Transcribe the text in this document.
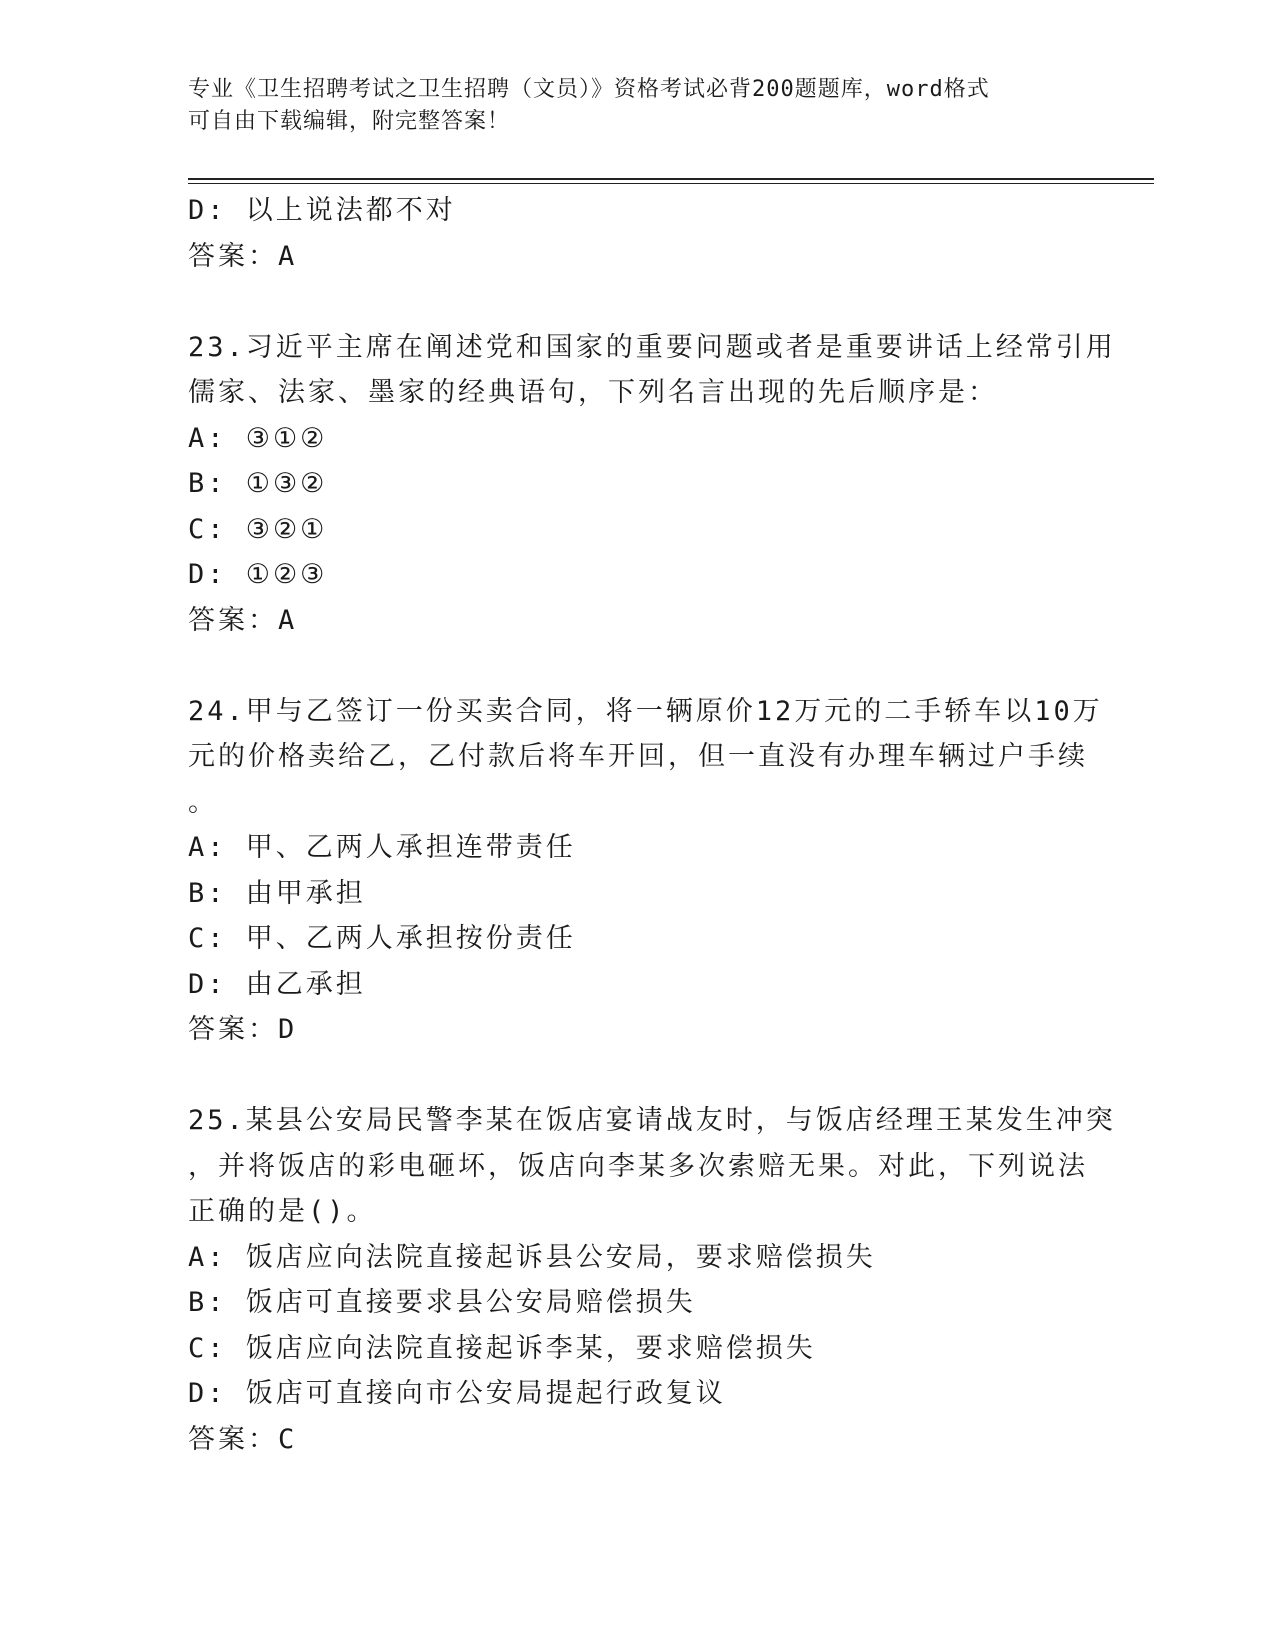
专业《卫生招聘考试之卫生招聘（文员）》资格考试必背200题题库，word格式
可自由下载编辑，附完整答案！
D: 以上说法都不对
答案：A
23.习近平主席在阐述党和国家的重要问题或者是重要讲话上经常引用
儒家、法家、墨家的经典语句，下列名言出现的先后顺序是：
A: ③①②
B: ①③②
C: ③②①
D: ①②③
答案：A
24.甲与乙签订一份买卖合同，将一辆原价12万元的二手轿车以10万
元的价格卖给乙，乙付款后将车开回，但一直没有办理车辆过户手续
。
A: 甲、乙两人承担连带责任
B: 由甲承担
C: 甲、乙两人承担按份责任
D: 由乙承担
答案：D
25.某县公安局民警李某在饭店宴请战友时，与饭店经理王某发生冲突
，并将饭店的彩电砸坏，饭店向李某多次索赔无果。对此，下列说法
正确的是()。
A: 饭店应向法院直接起诉县公安局，要求赔偿损失
B: 饭店可直接要求县公安局赔偿损失
C: 饭店应向法院直接起诉李某，要求赔偿损失
D: 饭店可直接向市公安局提起行政复议
答案：C
